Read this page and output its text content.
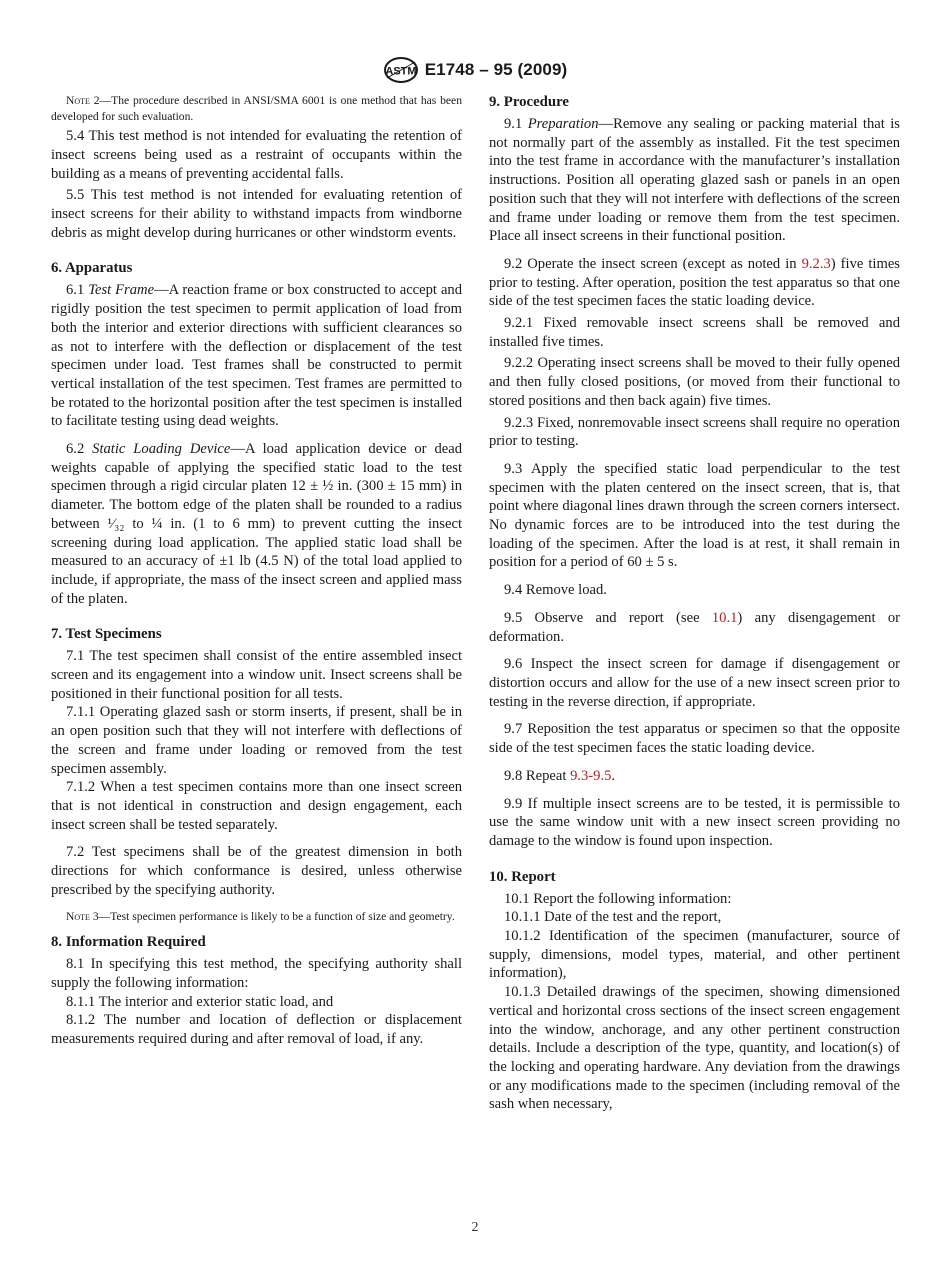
ASTM E1748 – 95 (2009)
Note 2—The procedure described in ANSI/SMA 6001 is one method that has been developed for such evaluation.

5.4 This test method is not intended for evaluating the retention of insect screens being used as a restraint of occupants within the building as a means of preventing accidental falls.

5.5 This test method is not intended for evaluating retention of insect screens for their ability to withstand impacts from windborne debris as might develop during hurricanes or other windstorm events.

6. Apparatus

6.1 Test Frame—A reaction frame or box constructed to accept and rigidly position the test specimen to permit application of load from both the interior and exterior directions with sufficient clearances so as not to interfere with the deflection or displacement of the test specimen under load. Test frames shall be constructed to permit vertical installation of the test specimen. Test frames are permitted to be rotated to the horizontal position after the test specimen is installed to facilitate testing using dead weights.

6.2 Static Loading Device—A load application device or dead weights capable of applying the specified static load to the test specimen through a rigid circular platen 12 ± ½ in. (300 ± 15 mm) in diameter. The bottom edge of the platen shall be rounded to a radius between ¹⁄₃₂ to ¼ in. (1 to 6 mm) to prevent cutting the insect screening during load application. The applied static load shall be measured to an accuracy of ±1 lb (4.5 N) of the total load applied to include, if appropriate, the mass of the insect screen and applied mass of the platen.

7. Test Specimens

7.1 The test specimen shall consist of the entire assembled insect screen and its engagement into a window unit. Insect screens shall be positioned in their functional position for all tests.

7.1.1 Operating glazed sash or storm inserts, if present, shall be in an open position such that they will not interfere with deflections of the screen and frame under loading or removed from the test specimen assembly.

7.1.2 When a test specimen contains more than one insect screen that is not identical in construction and design engagement, each insect screen shall be tested separately.

7.2 Test specimens shall be of the greatest dimension in both directions for which conformance is desired, unless otherwise prescribed by the specifying authority.

Note 3—Test specimen performance is likely to be a function of size and geometry.
8. Information Required

8.1 In specifying this test method, the specifying authority shall supply the following information:

8.1.1 The interior and exterior static load, and

8.1.2 The number and location of deflection or displacement measurements required during and after removal of load, if any.

9. Procedure

9.1 Preparation—Remove any sealing or packing material that is not normally part of the assembly as installed. Fit the test specimen into the test frame in accordance with the manufacturer’s installation instructions. Position all operating glazed sash or panels in an open position such that they will not interfere with deflections of the screen and frame under loading or remove them from the test specimen. Place all insect screens in their functional position.

9.2 Operate the insect screen (except as noted in 9.2.3) five times prior to testing. After operation, position the test apparatus so that one side of the test specimen faces the static loading device.

9.2.1 Fixed removable insect screens shall be removed and installed five times.

9.2.2 Operating insect screens shall be moved to their fully opened and then fully closed positions, (or moved from their functional to stored positions and then back again) five times.

9.2.3 Fixed, nonremovable insect screens shall require no operation prior to testing.

9.3 Apply the specified static load perpendicular to the test specimen with the platen centered on the insect screen, that is, that point where diagonal lines drawn through the screen corners intersect. No dynamic forces are to be introduced into the test during the loading of the specimen. After the load is at rest, it shall remain in position for a period of 60 ± 5 s.

9.4 Remove load.

9.5 Observe and report (see 10.1) any disengagement or deformation.

9.6 Inspect the insect screen for damage if disengagement or distortion occurs and allow for the use of a new insect screen prior to testing in the reverse direction, if appropriate.

9.7 Reposition the test apparatus or specimen so that the opposite side of the test specimen faces the static loading device.

9.8 Repeat 9.3-9.5.

9.9 If multiple insect screens are to be tested, it is permissible to use the same window unit with a new insect screen providing no damage to the window is found upon inspection.

10. Report

10.1 Report the following information:

10.1.1 Date of the test and the report,

10.1.2 Identification of the specimen (manufacturer, source of supply, dimensions, model types, material, and other pertinent information),

10.1.3 Detailed drawings of the specimen, showing dimensioned vertical and horizontal cross sections of the insect screen engagement into the window, anchorage, and any other pertinent construction details. Include a description of the type, quantity, and location(s) of the locking and operating hardware. Any deviation from the drawings or any modifications made to the specimen (including removal of the sash when necessary,

2
